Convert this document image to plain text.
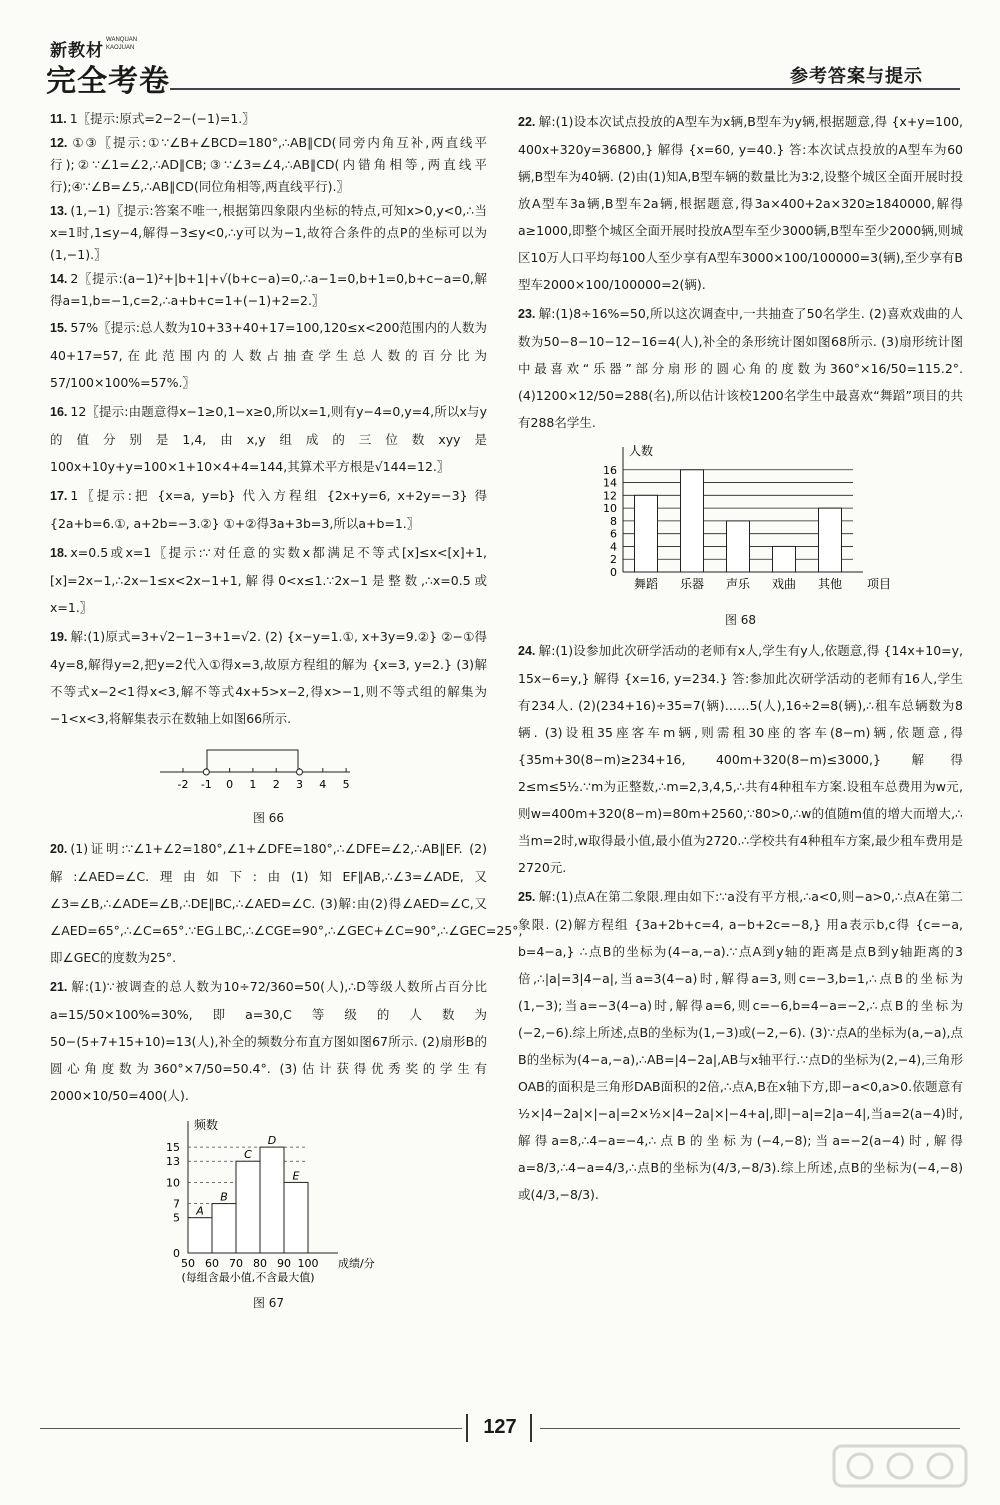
新教材
WANQUAN
KAOJUAN
完全考卷	参考答案与提示
11. 1〖提示:原式=2−2−(−1)=1.〗
12. ①③〖提示:①∵∠B+∠BCD=180°,∴AB∥CD(同旁内角互补,两直线平行);②∵∠1=∠2,∴AD∥CB;③∵∠3=∠4,∴AB∥CD(内错角相等,两直线平行);④∵∠B=∠5,∴AB∥CD(同位角相等,两直线平行).〗
13. (1,−1)〖提示:答案不唯一,根据第四象限内坐标的特点,可知x>0,y<0,∴当x=1时,1≤y−4,解得−3≤y<0,∴y可以为−1,故符合条件的点P的坐标可以为(1,−1).〗
14. 2〖提示:(a−1)²+|b+1|+√(b+c−a)=0,∴a−1=0,b+1=0,b+c−a=0,解得a=1,b=−1,c=2,∴a+b+c=1+(−1)+2=2.〗
15. 57%〖提示:总人数为10+33+40+17=100,120≤x<200范围内的人数为40+17=57,在此范围内的人数占抽查学生总人数的百分比为57/100×100%=57%.〗
16. 12〖提示:由题意得x−1≥0,1−x≥0,所以x=1,则有y−4=0,y=4,所以x与y的值分别是1,4,由x,y组成的三位数xyy是100x+10y+y=100×1+10×4+4=144,其算术平方根是√144=12.〗
17. 1〖提示:把 {x=a, y=b} 代入方程组 {2x+y=6, x+2y=−3} 得 {2a+b=6.①, a+2b=−3.②} ①+②得3a+3b=3,所以a+b=1.〗
18. x=0.5或x=1〖提示:∵对任意的实数x都满足不等式[x]≤x<[x]+1,[x]=2x−1,∴2x−1≤x<2x−1+1,解得0<x≤1.∵2x−1是整数,∴x=0.5或x=1.〗
19. 解:(1)原式=3+√2−1−3+1=√2. (2) {x−y=1.①, x+3y=9.②} ②−①得4y=8,解得y=2,把y=2代入①得x=3,故原方程组的解为 {x=3, y=2.} (3)解不等式x−2<1得x<3,解不等式4x+5>x−2,得x>−1,则不等式组的解集为−1<x<3,将解集表示在数轴上如图66所示.
-2 -1 0 1 2 3 4 5
图 66
20. (1)证明:∵∠1+∠2=180°,∠1+∠DFE=180°,∴∠DFE=∠2,∴AB∥EF. (2)解:∠AED=∠C.理由如下:由(1)知EF∥AB,∴∠3=∠ADE,又∠3=∠B,∴∠ADE=∠B,∴DE∥BC,∴∠AED=∠C. (3)解:由(2)得∠AED=∠C,又∠AED=65°,∴∠C=65°.∵EG⊥BC,∴∠CGE=90°,∴∠GEC+∠C=90°,∴∠GEC=25°,即∠GEC的度数为25°.
21. 解:(1)∵被调查的总人数为10÷72/360=50(人),∴D等级人数所占百分比a=15/50×100%=30%,即a=30,C等级的人数为50−(5+7+15+10)=13(人),补全的频数分布直方图如图67所示. (2)扇形B的圆心角度数为360°×7/50=50.4°. (3)估计获得优秀奖的学生有2000×10/50=400(人).
频数
成绩/分
0
5
7
10
13
15
50 60 70 80 90 100
A
B
C
D
E
(每组含最小值,不含最大值)
图 67
22. 解:(1)设本次试点投放的A型车为x辆,B型车为y辆,根据题意,得 {x+y=100, 400x+320y=36800,} 解得 {x=60, y=40.} 答:本次试点投放的A型车为60辆,B型车为40辆. (2)由(1)知A,B型车辆的数量比为3∶2,设整个城区全面开展时投放A型车3a辆,B型车2a辆,根据题意,得3a×400+2a×320≥1840000,解得a≥1000,即整个城区全面开展时投放A型车至少3000辆,B型车至少2000辆,则城区10万人口平均每100人至少享有A型车3000×100/100000=3(辆),至少享有B型车2000×100/100000=2(辆).
23. 解:(1)8÷16%=50,所以这次调查中,一共抽查了50名学生. (2)喜欢戏曲的人数为50−8−10−12−16=4(人),补全的条形统计图如图68所示. (3)扇形统计图中最喜欢“乐器”部分扇形的圆心角的度数为360°×16/50=115.2°. (4)1200×12/50=288(名),所以估计该校1200名学生中最喜欢“舞蹈”项目的共有288名学生.
人数
项目
0
2
4
6
8
10
12
14
16
舞蹈 乐器 声乐 戏曲 其他
图 68
24. 解:(1)设参加此次研学活动的老师有x人,学生有y人,依题意,得 {14x+10=y, 15x−6=y,} 解得 {x=16, y=234.} 答:参加此次研学活动的老师有16人,学生有234人. (2)(234+16)÷35=7(辆)……5(人),16÷2=8(辆),∴租车总辆数为8辆. (3)设租35座客车m辆,则需租30座的客车(8−m)辆,依题意,得 {35m+30(8−m)≥234+16, 400m+320(8−m)≤3000,} 解得2≤m≤5½.∵m为正整数,∴m=2,3,4,5,∴共有4种租车方案.设租车总费用为w元,则w=400m+320(8−m)=80m+2560,∵80>0,∴w的值随m值的增大而增大,∴当m=2时,w取得最小值,最小值为2720.∴学校共有4种租车方案,最少租车费用是2720元.
25. 解:(1)点A在第二象限.理由如下:∵a没有平方根,∴a<0,则−a>0,∴点A在第二象限. (2)解方程组 {3a+2b+c=4, a−b+2c=−8,} 用a表示b,c得 {c=−a, b=4−a,} ∴点B的坐标为(4−a,−a).∵点A到y轴的距离是点B到y轴距离的3倍,∴|a|=3|4−a|,当a=3(4−a)时,解得a=3,则c=−3,b=1,∴点B的坐标为(1,−3);当a=−3(4−a)时,解得a=6,则c=−6,b=4−a=−2,∴点B的坐标为(−2,−6).综上所述,点B的坐标为(1,−3)或(−2,−6). (3)∵点A的坐标为(a,−a),点B的坐标为(4−a,−a),∴AB=|4−2a|,AB与x轴平行.∵点D的坐标为(2,−4),三角形OAB的面积是三角形DAB面积的2倍,∴点A,B在x轴下方,即−a<0,a>0.依题意有½×|4−2a|×|−a|=2×½×|4−2a|×|−4+a|,即|−a|=2|a−4|,当a=2(a−4)时,解得a=8,∴4−a=−4,∴点B的坐标为(−4,−8);当a=−2(a−4)时,解得a=8/3,∴4−a=4/3,∴点B的坐标为(4/3,−8/3).综上所述,点B的坐标为(−4,−8)或(4/3,−8/3).
127
